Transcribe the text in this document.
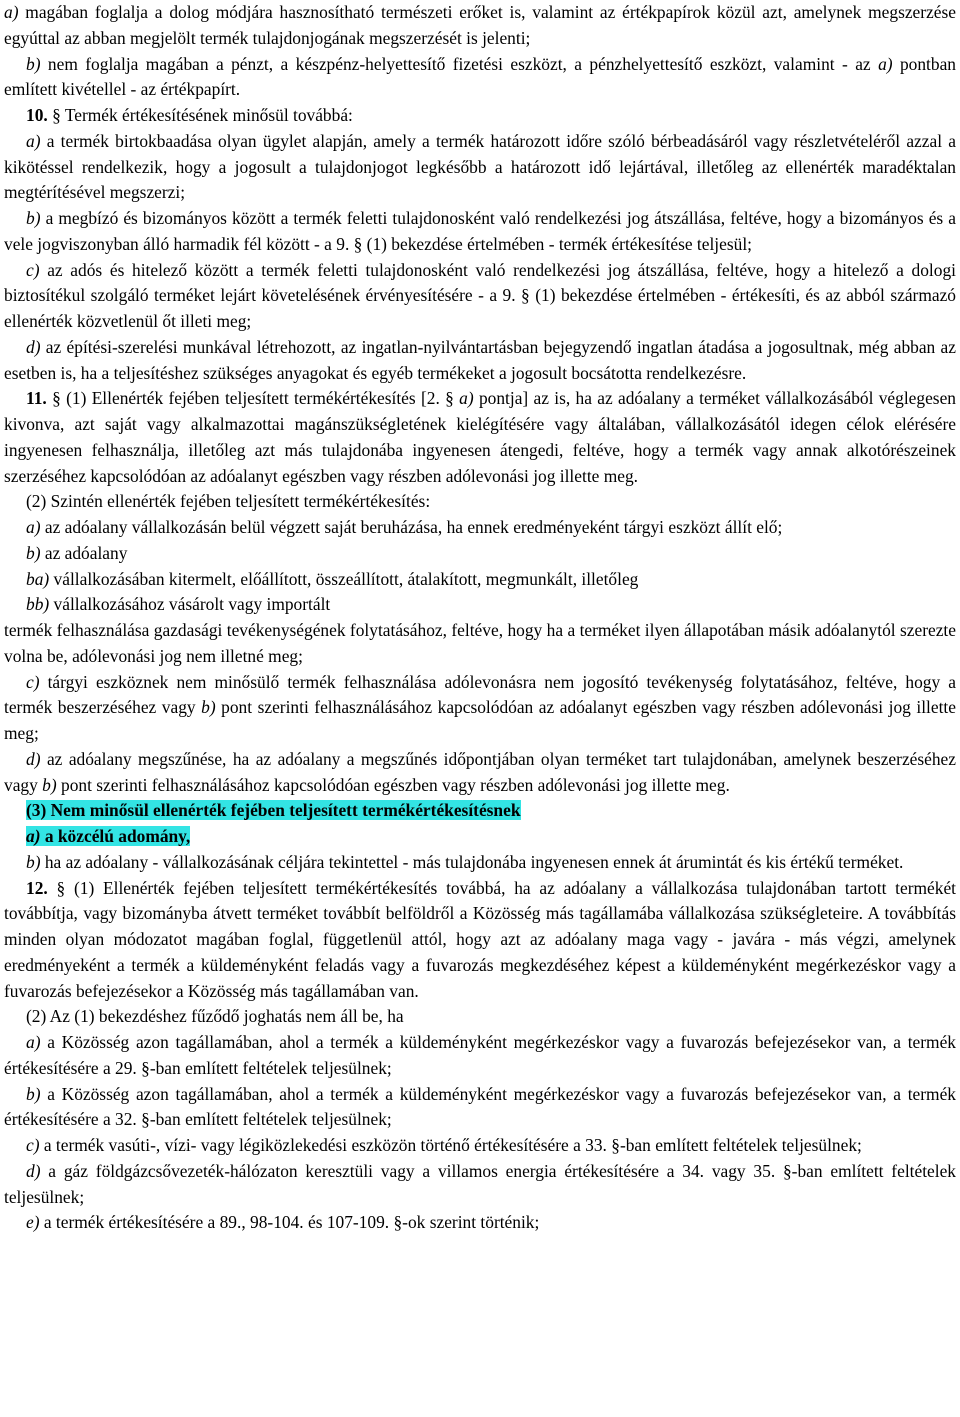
a) magában foglalja a dolog módjára hasznosítható természeti erőket is, valamint az értékpapírok közül azt, amelynek megszerzése egyúttal az abban megjelölt termék tulajdonjogának megszerzését is jelenti;

b) nem foglalja magában a pénzt, a készpénz-helyettesítő fizetési eszközt, a pénzhelyettesítő eszközt, valamint - az a) pontban említett kivétellel - az értékpapírt.

10. § Termék értékesítésének minősül továbbá:

a) a termék birtokbaadása olyan ügylet alapján, amely a termék határozott időre szóló bérbeadásáról vagy részletvételéről azzal a kikötéssel rendelkezik, hogy a jogosult a tulajdonjogot legkésőbb a határozott idő lejártával, illetőleg az ellenérték maradéktalan megtérítésével megszerzi;

b) a megbízó és bizományos között a termék feletti tulajdonosként való rendelkezési jog átszállása, feltéve, hogy a bizományos és a vele jogviszonyban álló harmadik fél között - a 9. § (1) bekezdése értelmében - termék értékesítése teljesül;

c) az adós és hitelező között a termék feletti tulajdonosként való rendelkezési jog átszállása, feltéve, hogy a hitelező a dologi biztosítékul szolgáló terméket lejárt követelésének érvényesítésére - a 9. § (1) bekezdése értelmében - értékesíti, és az abból származó ellenérték közvetlenül őt illeti meg;

d) az építési-szerelési munkával létrehozott, az ingatlan-nyilvántartásban bejegyzendő ingatlan átadása a jogosultnak, még abban az esetben is, ha a teljesítéshez szükséges anyagokat és egyéb termékeket a jogosult bocsátotta rendelkezésre.

11. § (1) Ellenérték fejében teljesített termékértékesítés [2. § a) pontja] az is, ha az adóalany a terméket vállalkozásából véglegesen kivonva, azt saját vagy alkalmazottai magánszükségletének kielégítésére vagy általában, vállalkozásától idegen célok elérésére ingyenesen felhasználja, illetőleg azt más tulajdonába ingyenesen átengedi, feltéve, hogy a termék vagy annak alkotórészeinek szerzéséhez kapcsolódóan az adóalanyt egészben vagy részben adólevonási jog illette meg.

(2) Szintén ellenérték fejében teljesített termékértékesítés:

a) az adóalany vállalkozásán belül végzett saját beruházása, ha ennek eredményeként tárgyi eszközt állít elő;

b) az adóalany

ba) vállalkozásában kitermelt, előállított, összeállított, átalakított, megmunkált, illetőleg

bb) vállalkozásához vásárolt vagy importált

termék felhasználása gazdasági tevékenységének folytatásához, feltéve, hogy ha a terméket ilyen állapotában másik adóalanytól szerezte volna be, adólevonási jog nem illetné meg;

c) tárgyi eszköznek nem minősülő termék felhasználása adólevonásra nem jogosító tevékenység folytatásához, feltéve, hogy a termék beszerzéséhez vagy b) pont szerinti felhasználásához kapcsolódóan az adóalanyt egészben vagy részben adólevonási jog illette meg;

d) az adóalany megszűnése, ha az adóalany a megszűnés időpontjában olyan terméket tart tulajdonában, amelynek beszerzéséhez vagy b) pont szerinti felhasználásához kapcsolódóan egészben vagy részben adólevonási jog illette meg.

(3) Nem minősül ellenérték fejében teljesített termékértékesítésnek

a) a közcélú adomány,

b) ha az adóalany - vállalkozásának céljára tekintettel - más tulajdonába ingyenesen ennek át árumintát és kis értékű terméket.

12. § (1) Ellenérték fejében teljesített termékértékesítés továbbá, ha az adóalany a vállalkozása tulajdonában tartott termékét továbbítja, vagy bizományba átvett terméket továbbít belföldről a Közösség más tagállamába vállalkozása szükségleteire. A továbbítás minden olyan módozatot magában foglal, függetlenül attól, hogy azt az adóalany maga vagy - javára - más végzi, amelynek eredményeként a termék a küldeményként feladás vagy a fuvarozás megkezdéséhez képest a küldeményként megérkezéskor vagy a fuvarozás befejezésekor a Közösség más tagállamában van.

(2) Az (1) bekezdéshez fűződő joghatás nem áll be, ha

a) a Közösség azon tagállamában, ahol a termék a küldeményként megérkezéskor vagy a fuvarozás befejezésekor van, a termék értékesítésére a 29. §-ban említett feltételek teljesülnek;

b) a Közösség azon tagállamában, ahol a termék a küldeményként megérkezéskor vagy a fuvarozás befejezésekor van, a termék értékesítésére a 32. §-ban említett feltételek teljesülnek;

c) a termék vasúti-, vízi- vagy légiközlekedési eszközön történő értékesítésére a 33. §-ban említett feltételek teljesülnek;

d) a gáz földgázcsővezeték-hálózaton keresztüli vagy a villamos energia értékesítésére a 34. vagy 35. §-ban említett feltételek teljesülnek;

e) a termék értékesítésére a 89., 98-104. és 107-109. §-ok szerint történik;
